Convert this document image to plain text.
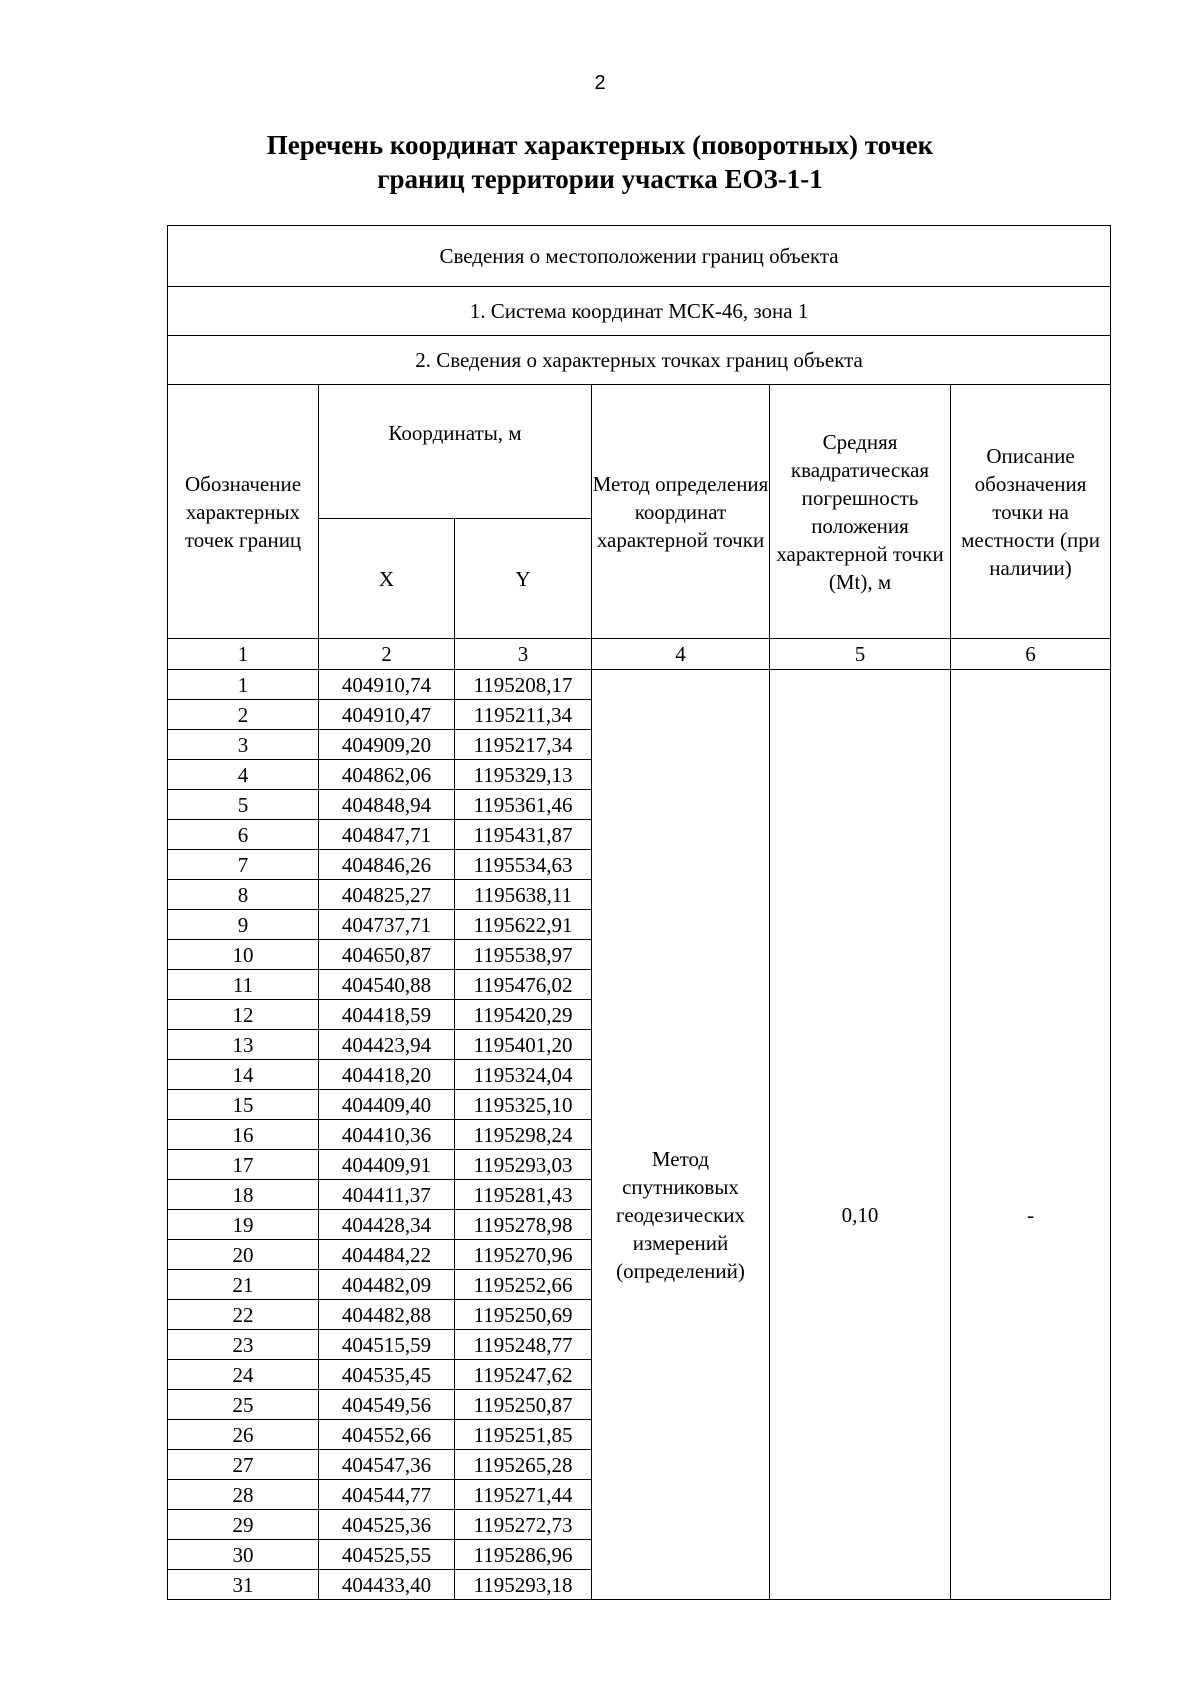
2
Перечень координат характерных (поворотных) точек
границ территории участка ЕОЗ-1-1
Сведения о местоположении границ объекта					
1. Система координат МСК-46, зона 1					
2. Сведения о характерных точках границ объекта					
Обозначение характерных точек границ	Координаты, м		Метод определения координат характерной точки	Средняя квадратическая погрешность положения характерной точки (Mt), м	Описание обозначения точки на местности (при наличии)
	X	Y			
1	2	3	4	5	6
1	404910,74	1195208,17	Метод спутниковых геодезических измерений (определений)	0,10	-
2	404910,47	1195211,34			
3	404909,20	1195217,34			
4	404862,06	1195329,13			
5	404848,94	1195361,46			
6	404847,71	1195431,87			
7	404846,26	1195534,63			
8	404825,27	1195638,11			
9	404737,71	1195622,91			
10	404650,87	1195538,97			
11	404540,88	1195476,02			
12	404418,59	1195420,29			
13	404423,94	1195401,20			
14	404418,20	1195324,04			
15	404409,40	1195325,10			
16	404410,36	1195298,24			
17	404409,91	1195293,03			
18	404411,37	1195281,43			
19	404428,34	1195278,98			
20	404484,22	1195270,96			
21	404482,09	1195252,66			
22	404482,88	1195250,69			
23	404515,59	1195248,77			
24	404535,45	1195247,62			
25	404549,56	1195250,87			
26	404552,66	1195251,85			
27	404547,36	1195265,28			
28	404544,77	1195271,44			
29	404525,36	1195272,73			
30	404525,55	1195286,96			
31	404433,40	1195293,18			
